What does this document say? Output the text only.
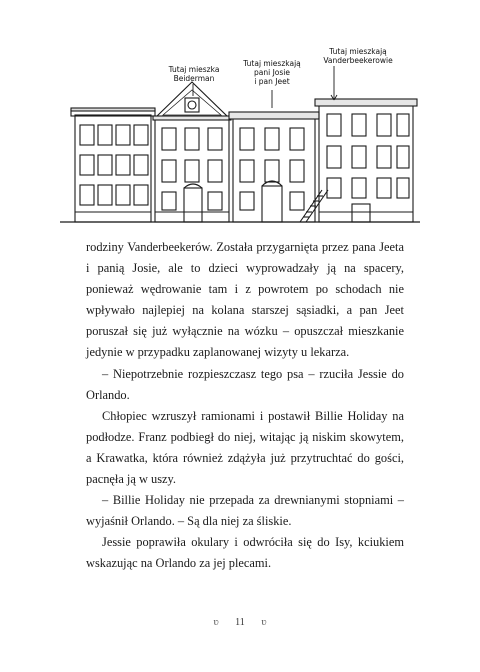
Tutaj mieszka
Beiderman
Tutaj mieszkają
pani Josie
i pan Jeet
Tutaj mieszkają
Vanderbeekerowie

rodziny Vanderbeekerów. Została przygarnięta przez pana Jeeta i panią Josie, ale to dzieci wyprowadzały ją na spacery, ponieważ wędrowanie tam i z powrotem po schodach nie wpływało najlepiej na kolana starszej sąsiadki, a pan Jeet poruszał się już wyłącznie na wózku – opuszczał mieszkanie jedynie w przypadku zaplanowanej wizyty u lekarza.

– Niepotrzebnie rozpieszczasz tego psa – rzuciła Jessie do Orlando.

Chłopiec wzruszył ramionami i postawił Billie Holiday na podłodze. Franz podbiegł do niej, witając ją niskim skowytem, a Krawatka, która również zdążyła już przytruchtać do gości, pacnęła ją w uszy.

– Billie Holiday nie przepada za drewnianymi stopniami – wyjaśnił Orlando. – Są dla niej za śliskie.

Jessie poprawiła okulary i odwróciła się do Isy, kciukiem wskazując na Orlando za jej plecami.

ʋ 11 ʋ
